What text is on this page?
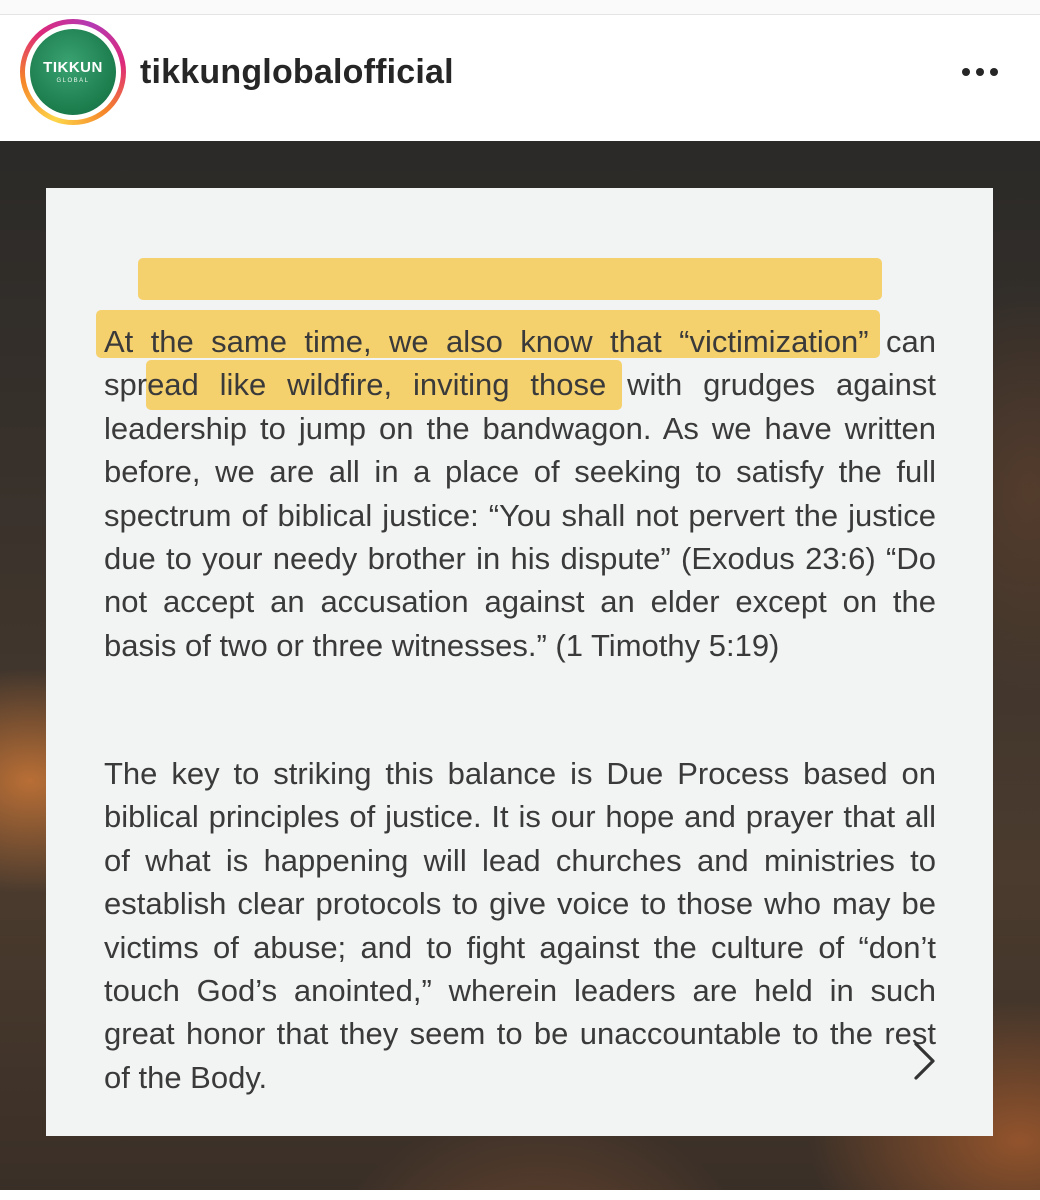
TIKKUN
GLOBAL	tikkunglobalofficial

At the same time, we also know that “victimization” can spread like wildfire, inviting those with grudges against leadership to jump on the bandwagon. As we have written before, we are all in a place of seeking to satisfy the full spectrum of biblical justice: “You shall not pervert the justice due to your needy brother in his dispute” (Exodus 23:6) “Do not accept an accusation against an elder except on the basis of two or three witnesses.” (1 Timothy 5:19)

The key to striking this balance is Due Process based on biblical principles of justice. It is our hope and prayer that all of what is happening will lead churches and ministries to establish clear protocols to give voice to those who may be victims of abuse; and to fight against the culture of “don’t touch God’s anointed,” wherein leaders are held in such great honor that they seem to be unaccountable to the rest of the Body.
